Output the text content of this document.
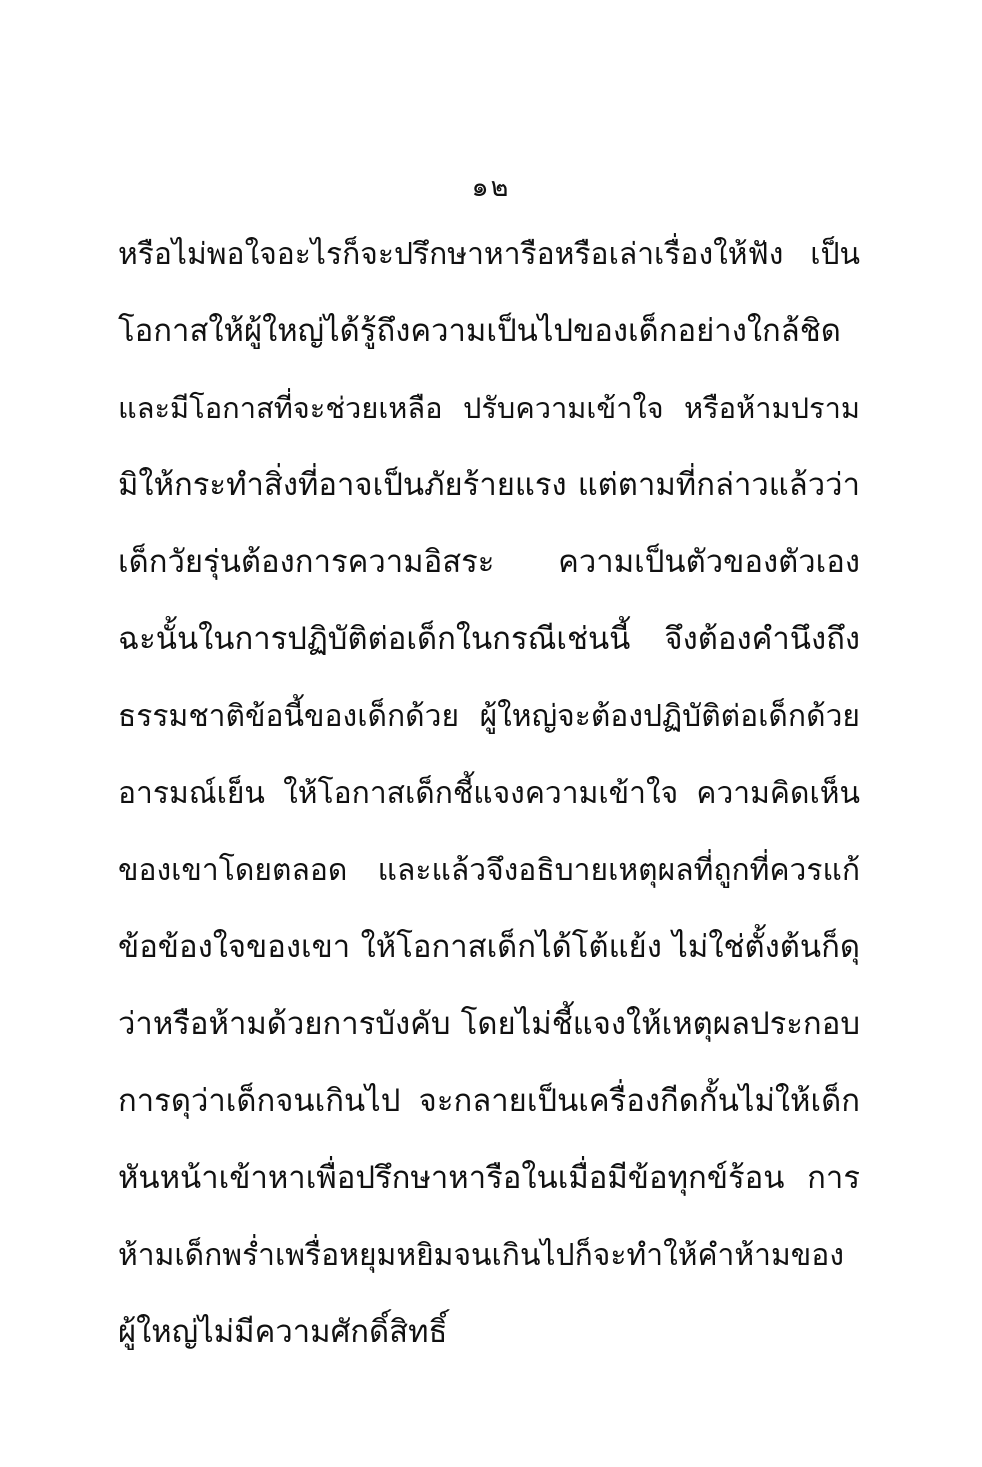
๑๒
หรือไม่พอใจอะไรก็จะปรึกษาหารือหรือเล่าเรื่องให้ฟัง เป็น
โอกาสให้ผู้ใหญ่ได้รู้ถึงความเป็นไปของเด็กอย่างใกล้ชิด
และมีโอกาสที่จะช่วยเหลือ ปรับความเข้าใจ หรือห้ามปราม
มิให้กระทำสิ่งที่อาจเป็นภัยร้ายแรง แต่ตามที่กล่าวแล้วว่า
เด็กวัยรุ่นต้องการความอิสระ ความเป็นตัวของตัวเอง
ฉะนั้นในการปฏิบัติต่อเด็กในกรณีเช่นนี้ จึงต้องคำนึงถึง
ธรรมชาติข้อนี้ของเด็กด้วย ผู้ใหญ่จะต้องปฏิบัติต่อเด็กด้วย
อารมณ์เย็น ให้โอกาสเด็กชี้แจงความเข้าใจ ความคิดเห็น
ของเขาโดยตลอด และแล้วจึงอธิบายเหตุผลที่ถูกที่ควรแก้
ข้อข้องใจของเขา ให้โอกาสเด็กได้โต้แย้ง ไม่ใช่ตั้งต้นก็ดุ
ว่าหรือห้ามด้วยการบังคับ โดยไม่ชี้แจงให้เหตุผลประกอบ
การดุว่าเด็กจนเกินไป จะกลายเป็นเครื่องกีดกั้นไม่ให้เด็ก
หันหน้าเข้าหาเพื่อปรึกษาหารือในเมื่อมีข้อทุกข์ร้อน การ
ห้ามเด็กพร่ำเพรื่อหยุมหยิมจนเกินไปก็จะทำให้คำห้ามของ
ผู้ใหญ่ไม่มีความศักดิ์สิทธิ์
